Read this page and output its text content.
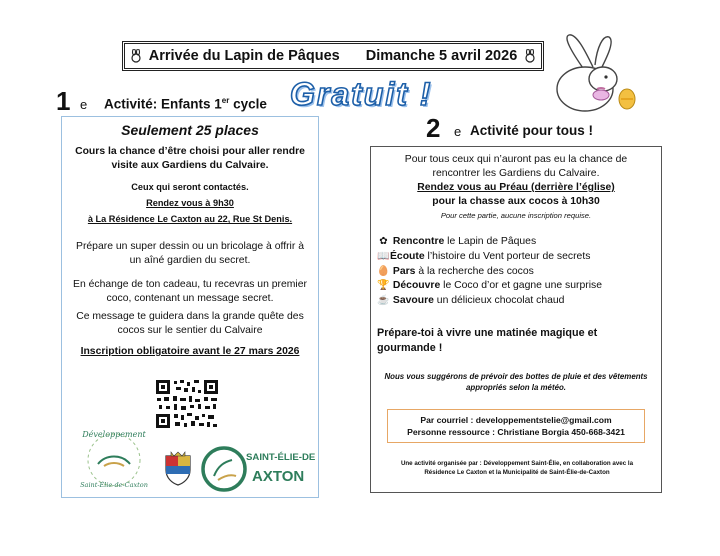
Arrivée du Lapin de Pâques Dimanche 5 avril 2026
1 e Activité: Enfants 1er cycle Gratuit !
2 e Activité pour tous !
Seulement 25 places
Cours la chance d’être choisi pour aller rendre visite aux Gardiens du Calvaire.
Ceux qui seront contactés.
Rendez vous à 9h30
à La Résidence Le Caxton au 22, Rue St Denis.
Prépare un super dessin ou un bricolage à offrir à un aîné gardien du secret.
En échange de ton cadeau, tu recevras un premier coco, contenant un message secret.
Ce message te guidera dans la grande quête des cocos sur le sentier du Calvaire
Inscription obligatoire avant le 27 mars 2026
Développement
Saint-Élie-de-Caxton
SAINT-ÉLIE-DE
AXTON
Pour tous ceux qui n’auront pas eu la chance de rencontrer les Gardiens du Calvaire.
Rendez vous au Préau (derrière l’église)
pour la chasse aux cocos à 10h30
Pour cette partie, aucune inscription requise.
✿ Rencontre le Lapin de Pâques
📖Écoute l’histoire du Vent porteur de secrets
🥚 Pars à la recherche des cocos
🏆 Découvre le Coco d’or et gagne une surprise
☕ Savoure un délicieux chocolat chaud
Prépare-toi à vivre une matinée magique et gourmande !
Nous vous suggérons de prévoir des bottes de pluie et des vêtements appropriés selon la météo.
Par courriel : developpementstelie@gmail.com
Personne ressource : Christiane Borgia 450-668-3421
Une activité organisée par : Développement Saint-Élie, en collaboration avec la Résidence Le Caxton et la Municipalité de Saint-Élie-de-Caxton
